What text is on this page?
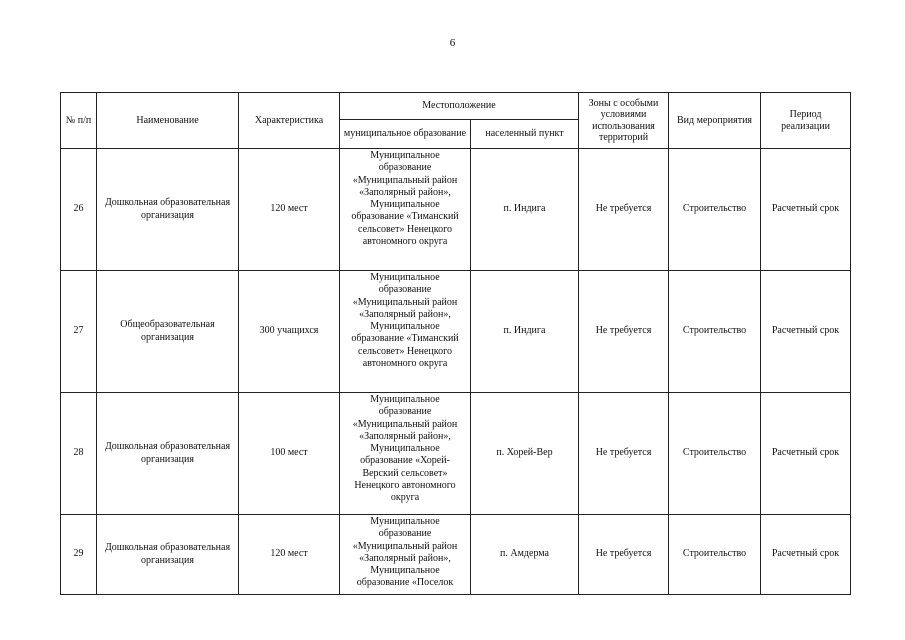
6
№ п/п	Наименование	Характеристика	Местоположение		Зоны с особыми условиями использования территорий	Вид мероприятия	Период реализации
			муниципальное образование	населенный пункт			
26	Дошкольная образовательная организация	120 мест	Муниципальное образование «Муниципальный район «Заполярный район», Муниципальное образование «Тиманский сельсовет» Ненецкого автономного округа	п. Индига	Не требуется	Строительство	Расчетный срок
27	Общеобразовательная организация	300 учащихся	Муниципальное образование «Муниципальный район «Заполярный район», Муниципальное образование «Тиманский сельсовет» Ненецкого автономного округа	п. Индига	Не требуется	Строительство	Расчетный срок
28	Дошкольная образовательная организация	100 мест	Муниципальное образование «Муниципальный район «Заполярный район», Муниципальное образование «Хорей-Верский сельсовет» Ненецкого автономного округа	п. Хорей-Вер	Не требуется	Строительство	Расчетный срок
29	Дошкольная образовательная организация	120 мест	Муниципальное образование «Муниципальный район «Заполярный район», Муниципальное образование «Поселок	п. Амдерма	Не требуется	Строительство	Расчетный срок
